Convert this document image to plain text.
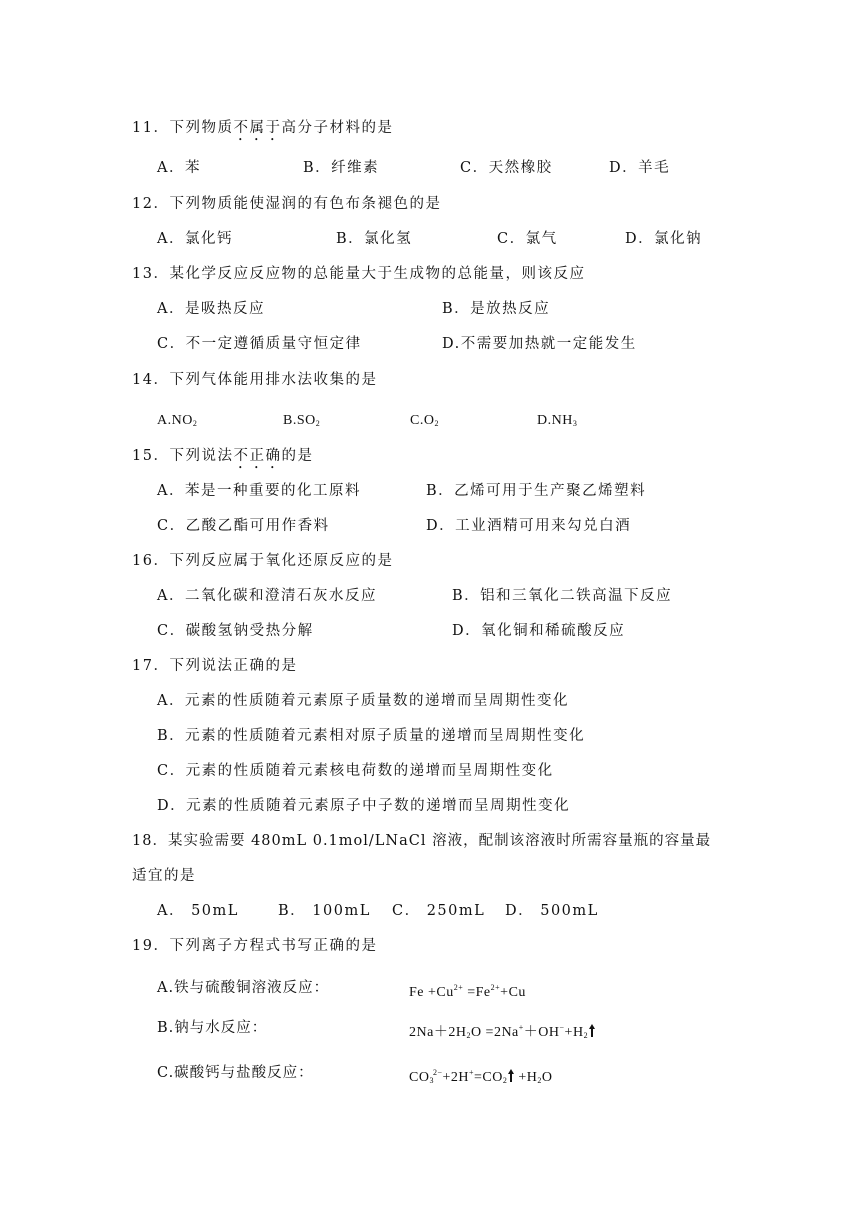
11．下列物质不属于高分子材料的是
A．苯	B．纤维素	C．天然橡胶	D．羊毛
12．下列物质能使湿润的有色布条褪色的是
A．氯化钙	B．氯化氢	C．氯气	D．氯化钠
13．某化学反应反应物的总能量大于生成物的总能量，则该反应
A．是吸热反应	B．是放热反应
C．不一定遵循质量守恒定律	D.不需要加热就一定能发生
14．下列气体能用排水法收集的是
$A.NO_2$	$B.SO_2$	$C.O_2$	$D.NH_3$
15．下列说法不正确的是
A．苯是一种重要的化工原料	B．乙烯可用于生产聚乙烯塑料
C．乙酸乙酯可用作香料	D．工业酒精可用来勾兑白酒
16．下列反应属于氧化还原反应的是
A．二氧化碳和澄清石灰水反应	B．铝和三氧化二铁高温下反应
C．碳酸氢钠受热分解	D．氧化铜和稀硫酸反应
17．下列说法正确的是
A．元素的性质随着元素原子质量数的递增而呈周期性变化
B．元素的性质随着元素相对原子质量的递增而呈周期性变化
C．元素的性质随着元素核电荷数的递增而呈周期性变化
D．元素的性质随着元素原子中子数的递增而呈周期性变化
18．某实验需要 480mL 0.1mol/LNaCl 溶液，配制该溶液时所需容量瓶的容量最
适宜的是
A． 50mL	B． 100mL C． 250mL D． 500mL
19．下列离子方程式书写正确的是
A.铁与硫酸铜溶液反应：	$Fe +Cu^{2+} =Fe^{2+}+Cu$
B.钠与水反应：	$2Na+2H_2O =2Na^++OH^-+H_2$
C.碳酸钙与盐酸反应：	$CO_3^{2-}+2H^+=CO_2 +H_2O$
